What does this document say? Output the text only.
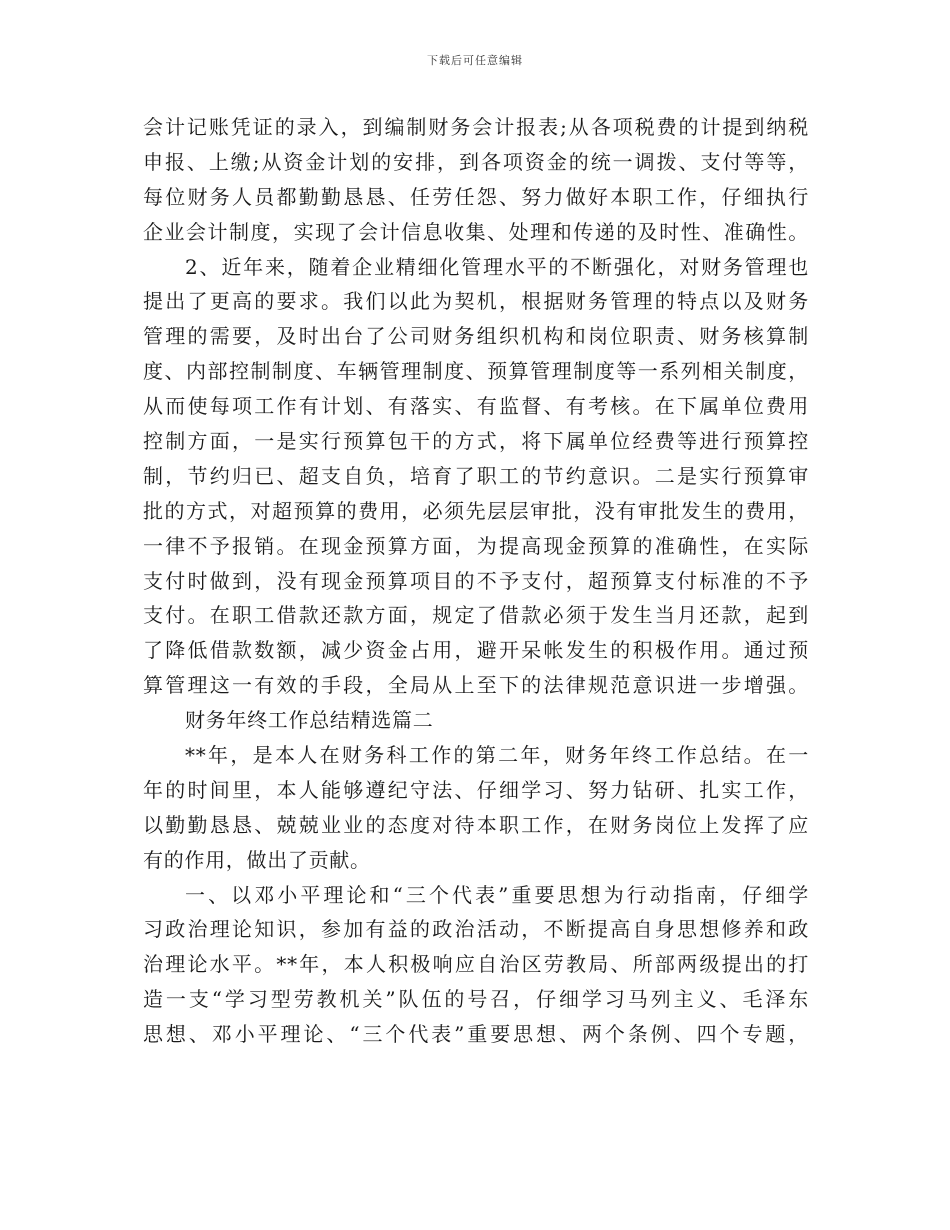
下载后可任意编辑
会计记账凭证的录入，到编制财务会计报表;从各项税费的计提到纳税
申报、上缴;从资金计划的安排，到各项资金的统一调拨、支付等等，
每位财务人员都勤勤恳恳、任劳任怨、努力做好本职工作，仔细执行
企业会计制度，实现了会计信息收集、处理和传递的及时性、准确性。
2、近年来，随着企业精细化管理水平的不断强化，对财务管理也
提出了更高的要求。我们以此为契机，根据财务管理的特点以及财务
管理的需要，及时出台了公司财务组织机构和岗位职责、财务核算制
度、内部控制制度、车辆管理制度、预算管理制度等一系列相关制度，
从而使每项工作有计划、有落实、有监督、有考核。在下属单位费用
控制方面，一是实行预算包干的方式，将下属单位经费等进行预算控
制，节约归已、超支自负，培育了职工的节约意识。二是实行预算审
批的方式，对超预算的费用，必须先层层审批，没有审批发生的费用，
一律不予报销。在现金预算方面，为提高现金预算的准确性，在实际
支付时做到，没有现金预算项目的不予支付，超预算支付标准的不予
支付。在职工借款还款方面，规定了借款必须于发生当月还款，起到
了降低借款数额，减少资金占用，避开呆帐发生的积极作用。通过预
算管理这一有效的手段，全局从上至下的法律规范意识进一步增强。
财务年终工作总结精选篇二
**年，是本人在财务科工作的第二年，财务年终工作总结。在一
年的时间里，本人能够遵纪守法、仔细学习、努力钻研、扎实工作，
以勤勤恳恳、兢兢业业的态度对待本职工作，在财务岗位上发挥了应
有的作用，做出了贡献。
一、以邓小平理论和“三个代表”重要思想为行动指南，仔细学
习政治理论知识，参加有益的政治活动，不断提高自身思想修养和政
治理论水平。**年，本人积极响应自治区劳教局、所部两级提出的打
造一支“学习型劳教机关”队伍的号召，仔细学习马列主义、毛泽东
思想、邓小平理论、“三个代表”重要思想、两个条例、四个专题，
